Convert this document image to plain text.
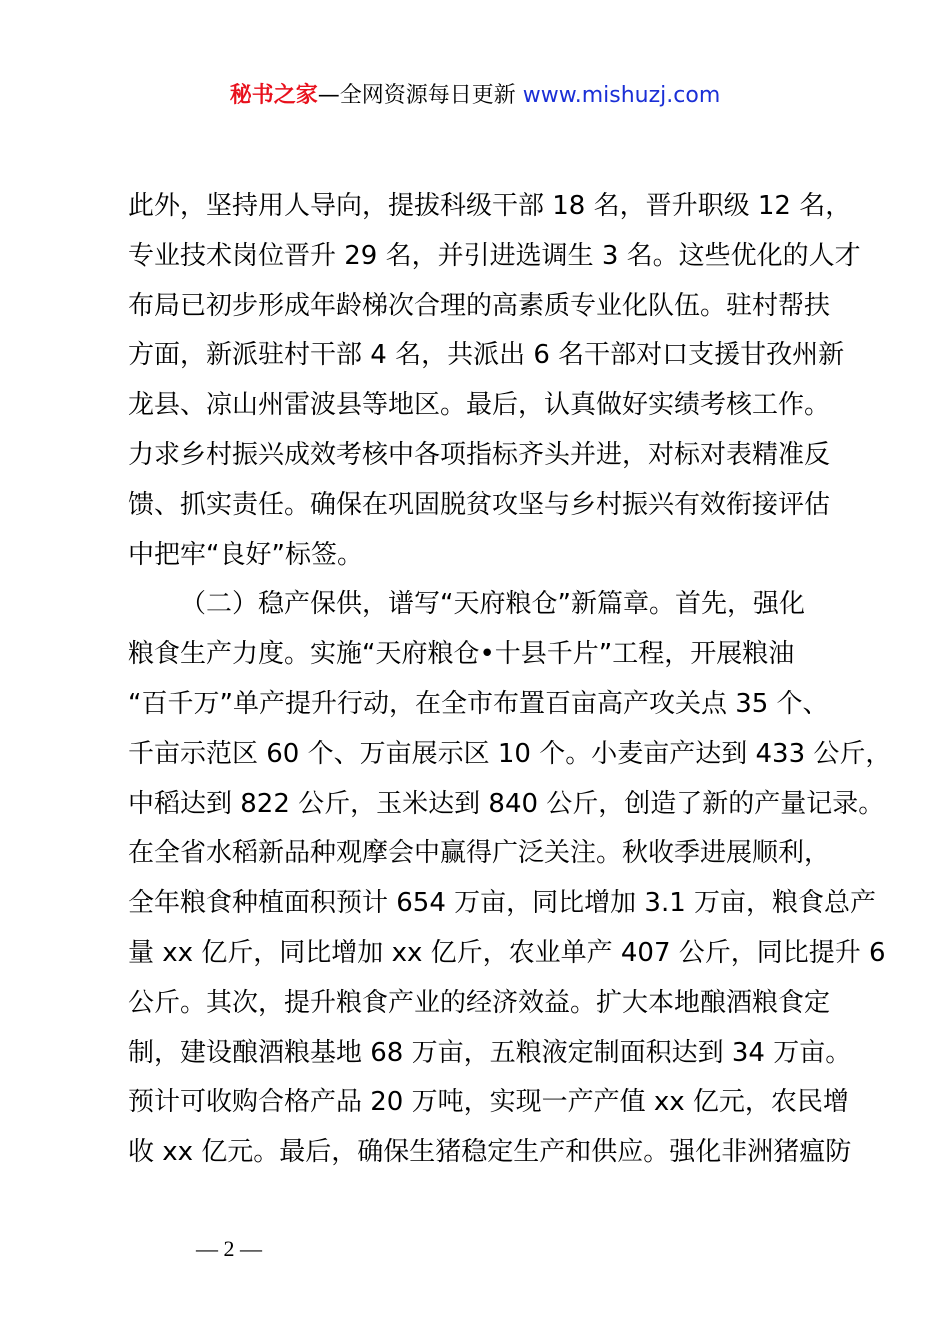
秘书之家—全网资源每日更新 www.mishuzj.com
此外，坚持用人导向，提拔科级干部 18 名，晋升职级 12 名，
专业技术岗位晋升 29 名，并引进选调生 3 名。这些优化的人才
布局已初步形成年龄梯次合理的高素质专业化队伍。驻村帮扶
方面，新派驻村干部 4 名，共派出 6 名干部对口支援甘孜州新
龙县、凉山州雷波县等地区。最后，认真做好实绩考核工作。
力求乡村振兴成效考核中各项指标齐头并进，对标对表精准反
馈、抓实责任。确保在巩固脱贫攻坚与乡村振兴有效衔接评估
中把牢“良好”标签。
（二）稳产保供，谱写“天府粮仓”新篇章。首先，强化
粮食生产力度。实施“天府粮仓•十县千片”工程，开展粮油
“百千万”单产提升行动，在全市布置百亩高产攻关点 35 个、
千亩示范区 60 个、万亩展示区 10 个。小麦亩产达到 433 公斤，
中稻达到 822 公斤，玉米达到 840 公斤，创造了新的产量记录。
在全省水稻新品种观摩会中赢得广泛关注。秋收季进展顺利，
全年粮食种植面积预计 654 万亩，同比增加 3.1 万亩，粮食总产
量 xx 亿斤，同比增加 xx 亿斤，农业单产 407 公斤，同比提升 6
公斤。其次，提升粮食产业的经济效益。扩大本地酿酒粮食定
制，建设酿酒粮基地 68 万亩，五粮液定制面积达到 34 万亩。
预计可收购合格产品 20 万吨，实现一产产值 xx 亿元，农民增
收 xx 亿元。最后，确保生猪稳定生产和供应。强化非洲猪瘟防
— 2 —
